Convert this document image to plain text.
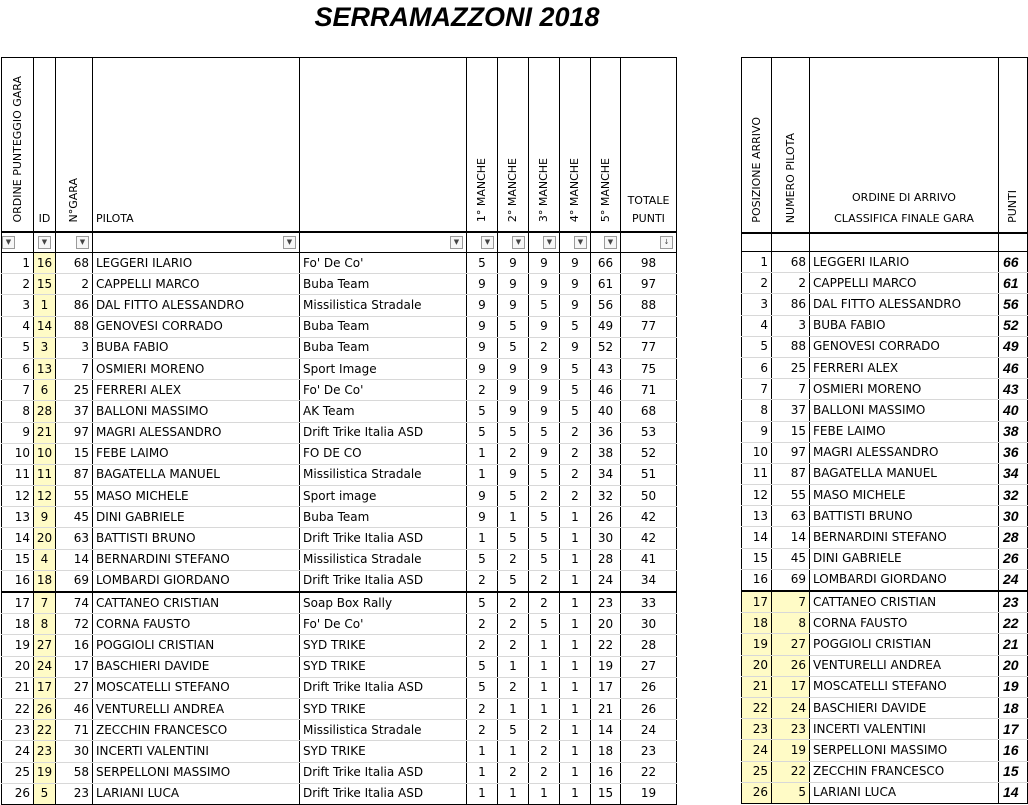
SERRAMAZZONI 2018
ORDINE PUNTEGGIO GARA	ID	N°GARA	PILOTA		1° MANCHE	2° MANCHE	3° MANCHE	4° MANCHE	5° MANCHE	TOTALE
PUNTI

▼	▼	▼	▼	▼	▼	▼	▼	▼	▼	↓
1	16	68	LEGGERI ILARIO	Fo' De Co'	5	9	9	9	66	98
2	15	2	CAPPELLI MARCO	Buba Team	9	9	9	9	61	97
3	1	86	DAL FITTO ALESSANDRO	Missilistica Stradale	9	9	5	9	56	88
4	14	88	GENOVESI CORRADO	Buba Team	9	5	9	5	49	77
5	3	3	BUBA FABIO	Buba Team	9	5	2	9	52	77
6	13	7	OSMIERI MORENO	Sport Image	9	9	9	5	43	75
7	6	25	FERRERI ALEX	Fo' De Co'	2	9	9	5	46	71
8	28	37	BALLONI MASSIMO	AK Team	5	9	9	5	40	68
9	21	97	MAGRI ALESSANDRO	Drift Trike Italia ASD	5	5	5	2	36	53
10	10	15	FEBE LAIMO	FO DE CO	1	2	9	2	38	52
11	11	87	BAGATELLA MANUEL	Missilistica Stradale	1	9	5	2	34	51
12	12	55	MASO MICHELE	Sport image	9	5	2	2	32	50
13	9	45	DINI GABRIELE	Buba Team	9	1	5	1	26	42
14	20	63	BATTISTI BRUNO	Drift Trike Italia ASD	1	5	5	1	30	42
15	4	14	BERNARDINI STEFANO	Missilistica Stradale	5	2	5	1	28	41
16	18	69	LOMBARDI GIORDANO	Drift Trike Italia ASD	2	5	2	1	24	34
17	7	74	CATTANEO CRISTIAN	Soap Box Rally	5	2	2	1	23	33
18	8	72	CORNA FAUSTO	Fo' De Co'	2	2	5	1	20	30
19	27	16	POGGIOLI CRISTIAN	SYD TRIKE	2	2	1	1	22	28
20	24	17	BASCHIERI DAVIDE	SYD TRIKE	5	1	1	1	19	27
21	17	27	MOSCATELLI STEFANO	Drift Trike Italia ASD	5	2	1	1	17	26
22	26	46	VENTURELLI ANDREA	SYD TRIKE	2	1	1	1	21	26
23	22	71	ZECCHIN FRANCESCO	Missilistica Stradale	2	5	2	1	14	24
24	23	30	INCERTI VALENTINI	SYD TRIKE	1	1	2	1	18	23
25	19	58	SERPELLONI MASSIMO	Drift Trike Italia ASD	1	2	2	1	16	22
26	5	23	LARIANI LUCA	Drift Trike Italia ASD	1	1	1	1	15	19
POSIZIONE ARRIVO	NUMERO PILOTA	ORDINE DI ARRIVO
CLASSIFICA FINALE GARA	PUNTI

1	68	LEGGERI ILARIO	66
2	2	CAPPELLI MARCO	61
3	86	DAL FITTO ALESSANDRO	56
4	3	BUBA FABIO	52
5	88	GENOVESI CORRADO	49
6	25	FERRERI ALEX	46
7	7	OSMIERI MORENO	43
8	37	BALLONI MASSIMO	40
9	15	FEBE LAIMO	38
10	97	MAGRI ALESSANDRO	36
11	87	BAGATELLA MANUEL	34
12	55	MASO MICHELE	32
13	63	BATTISTI BRUNO	30
14	14	BERNARDINI STEFANO	28
15	45	DINI GABRIELE	26
16	69	LOMBARDI GIORDANO	24
17	7	CATTANEO CRISTIAN	23
18	8	CORNA FAUSTO	22
19	27	POGGIOLI CRISTIAN	21
20	26	VENTURELLI ANDREA	20
21	17	MOSCATELLI STEFANO	19
22	24	BASCHIERI DAVIDE	18
23	23	INCERTI VALENTINI	17
24	19	SERPELLONI MASSIMO	16
25	22	ZECCHIN FRANCESCO	15
26	5	LARIANI LUCA	14
